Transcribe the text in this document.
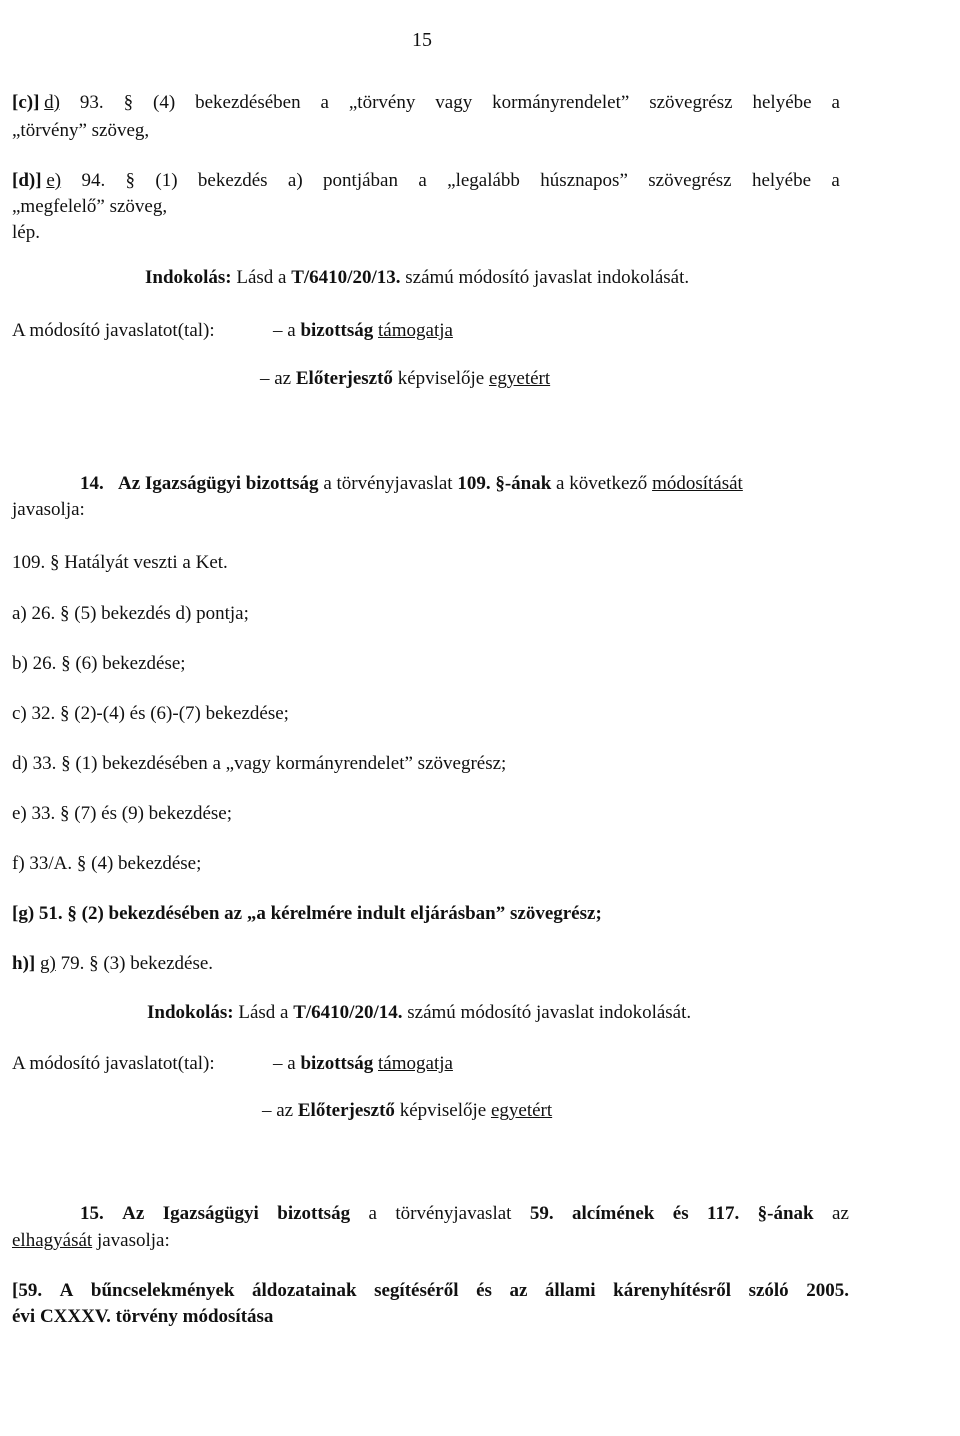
15
[c)] d) 93. § (4) bekezdésében a „törvény vagy kormányrendelet” szövegrész helyébe a
„törvény” szöveg,
[d)] e) 94. § (1) bekezdés a) pontjában a „legalább húsznapos” szövegrész helyébe a
„megfelelő” szöveg,
lép.
Indokolás: Lásd a T/6410/20/13. számú módosító javaslat indokolását.
A módosító javaslatot(tal):	– a bizottság támogatja
– az Előterjesztő képviselője egyetért
14. Az Igazságügyi bizottság a törvényjavaslat 109. §-ának a következő módosítását
javasolja:
109. § Hatályát veszti a Ket.
a) 26. § (5) bekezdés d) pontja;
b) 26. § (6) bekezdése;
c) 32. § (2)-(4) és (6)-(7) bekezdése;
d) 33. § (1) bekezdésében a „vagy kormányrendelet” szövegrész;
e) 33. § (7) és (9) bekezdése;
f) 33/A. § (4) bekezdése;
[g) 51. § (2) bekezdésében az „a kérelmére indult eljárásban” szövegrész;
h)] g) 79. § (3) bekezdése.
Indokolás: Lásd a T/6410/20/14. számú módosító javaslat indokolását.
A módosító javaslatot(tal):	– a bizottság támogatja
– az Előterjesztő képviselője egyetért
15. Az Igazságügyi bizottság a törvényjavaslat 59. alcímének és 117. §-ának az
elhagyását javasolja:
[59. A bűncselekmények áldozatainak segítéséről és az állami kárenyhítésről szóló 2005.
évi CXXXV. törvény módosítása
